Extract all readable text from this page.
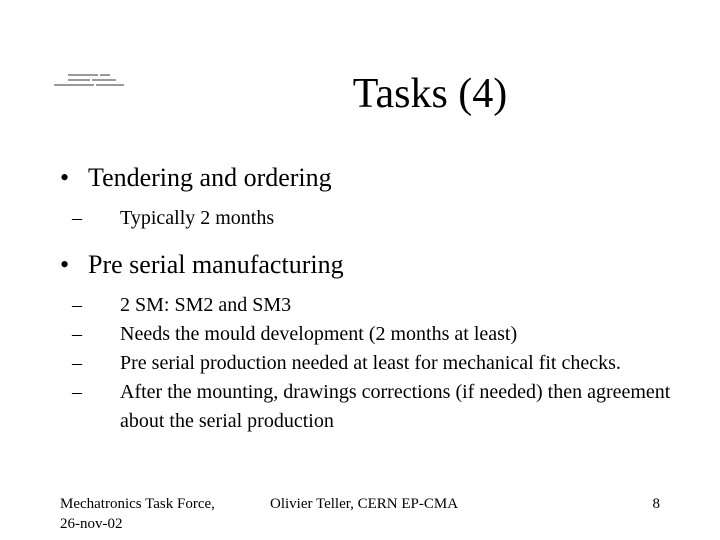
Tasks (4)
• Tendering and ordering
– Typically 2 months
• Pre serial manufacturing
– 2 SM: SM2 and SM3
– Needs the mould development (2 months at least)
– Pre serial production needed at least for mechanical fit checks.
– After the mounting, drawings corrections (if needed) then agreement about the serial production
Mechatronics Task Force,
26-nov-02
Olivier Teller, CERN EP-CMA	8
